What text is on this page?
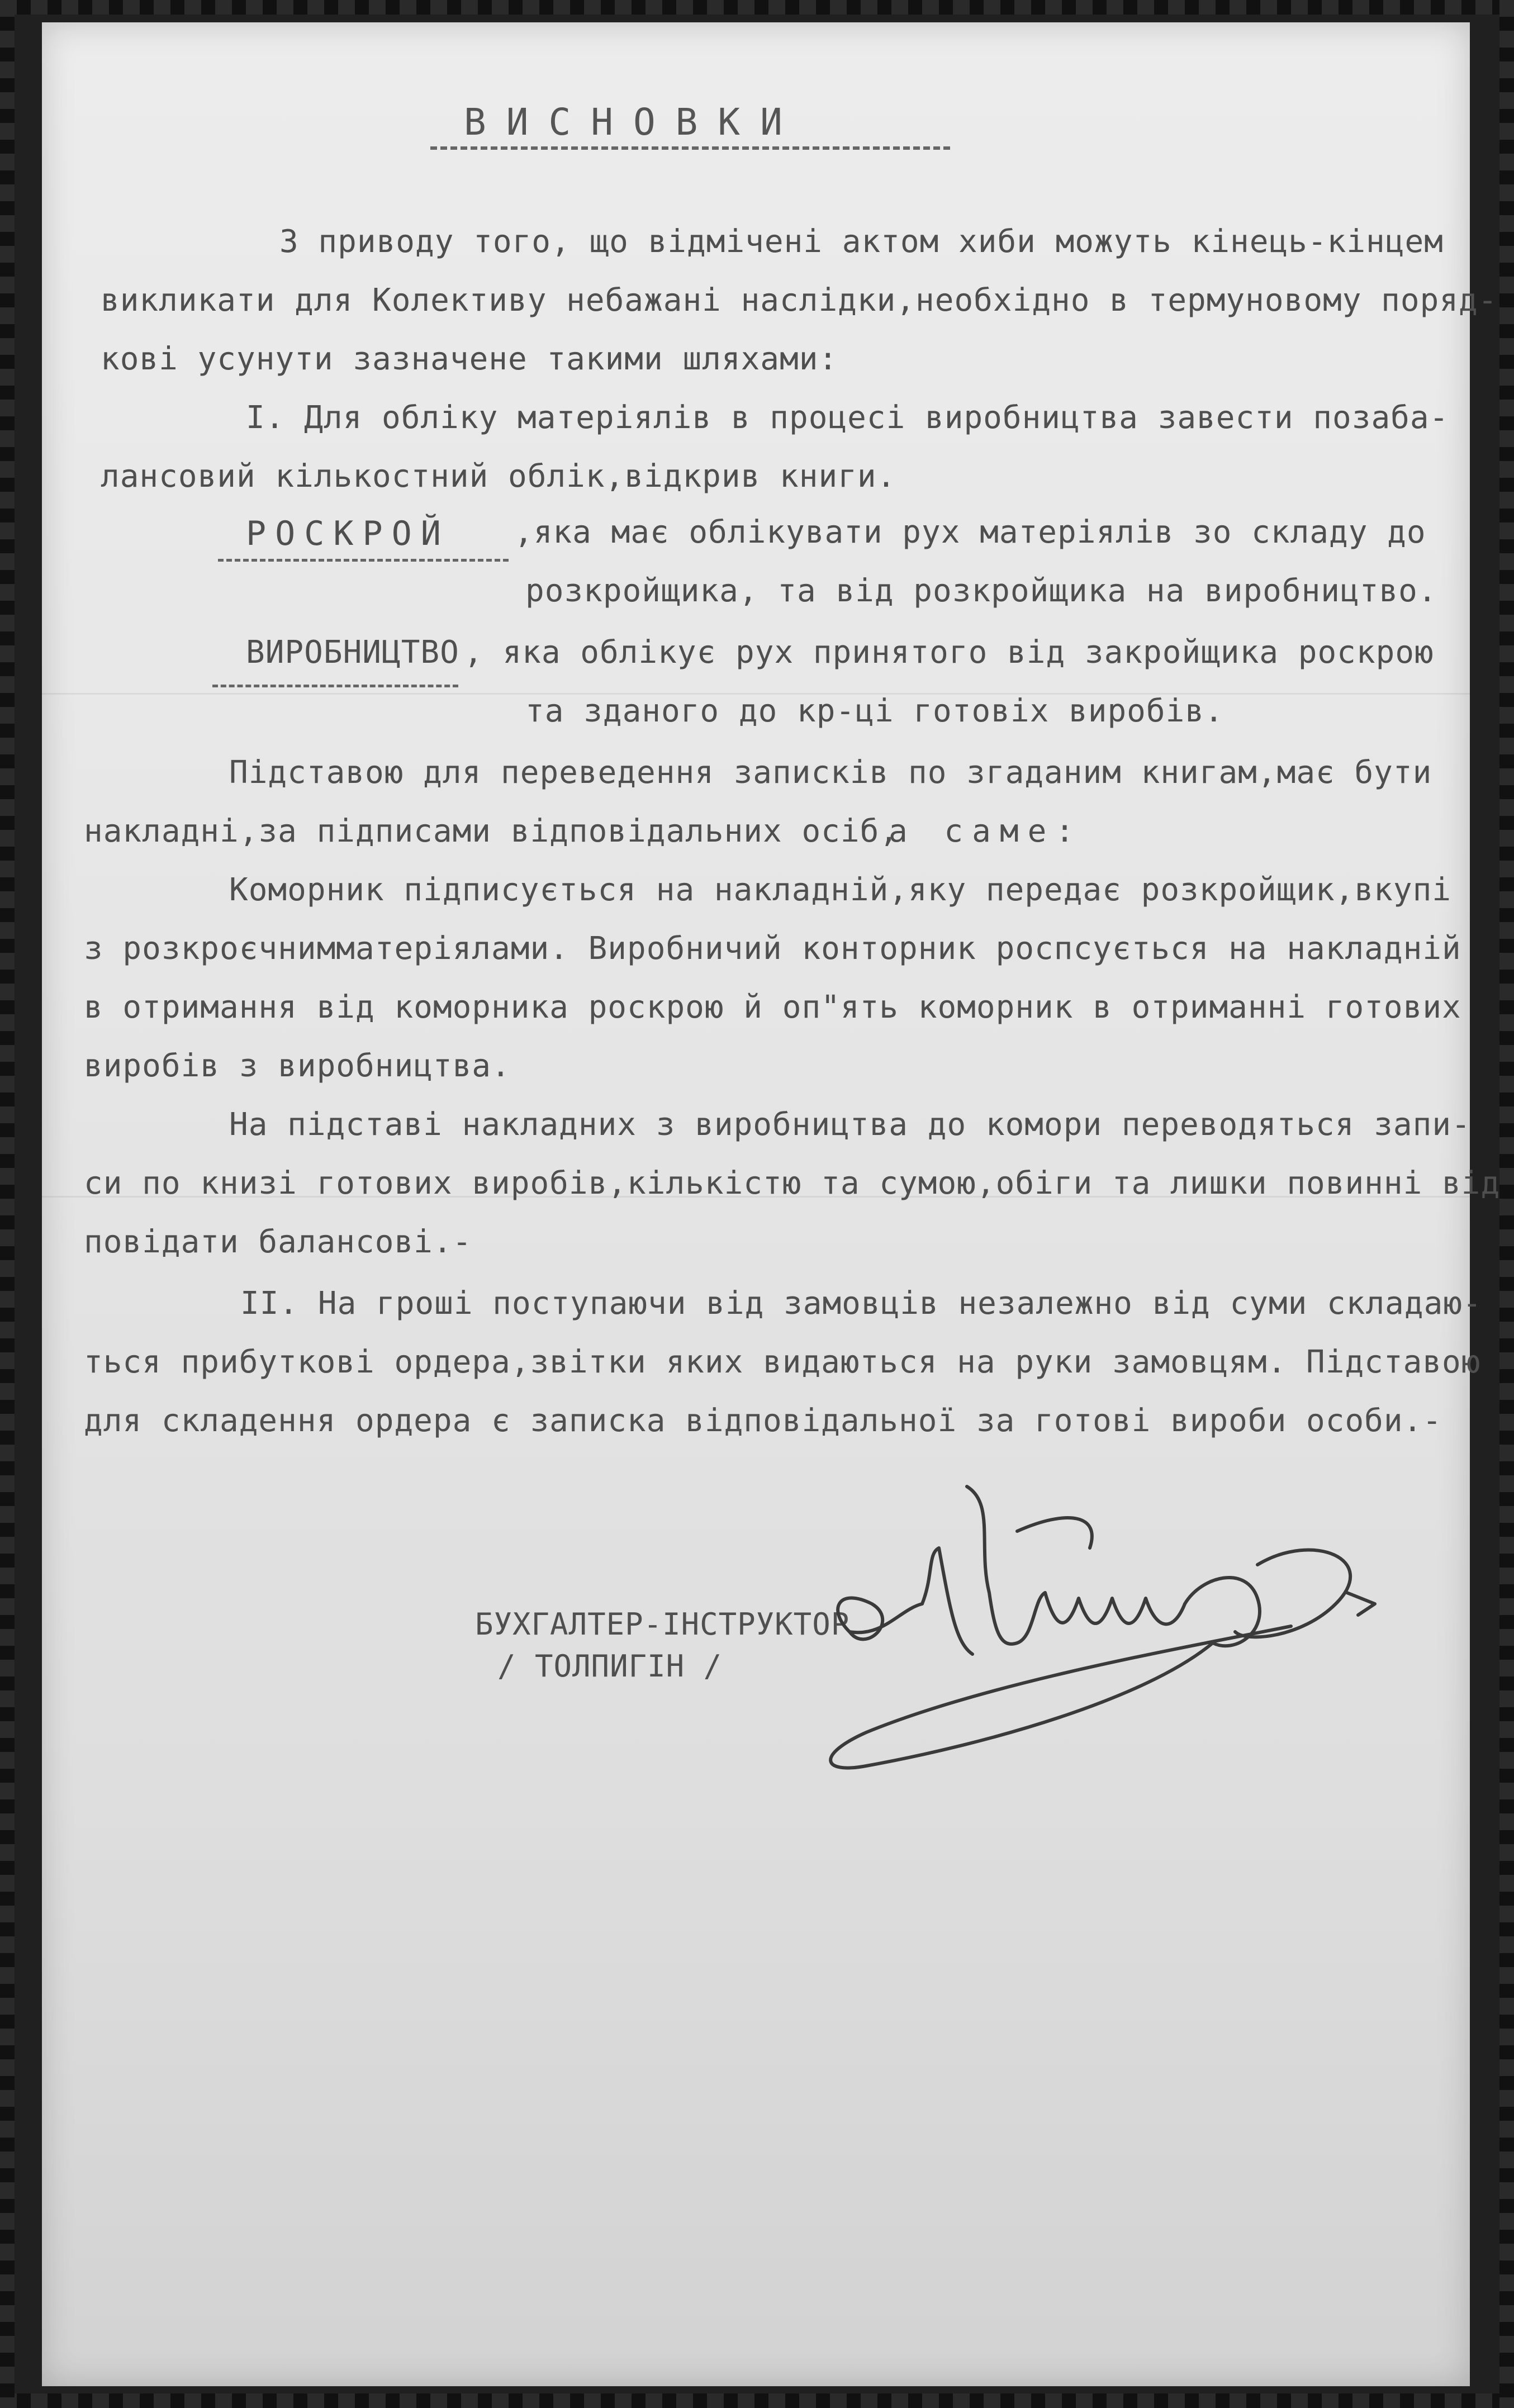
ВИСНОВКИ
З приводу того, що відмічені актом хиби можуть кінець-кінцем
викликати для Колективу небажані наслідки,необхідно в термуновому поряд-
кові усунути зазначене такими шляхами:
І. Для обліку матеріялів в процесі виробництва завести позаба-
лансовий кількостний облік,відкрив книги.
РОСКРОЙ ,яка має облікувати рух матеріялів зо складу до
розкройщика, та від розкройщика на виробництво.
ВИРОБНИЦТВО , яка облікує рух принятого від закройщика роскрою
та зданого до кр-ці готовіх виробів.
Підставою для переведення записків по згаданим книгам,має бути
накладні,за підписами відповідальних осіб,
а саме:
Коморник підписується на накладній,яку передає розкройщик,вкупі
з розкроєчнимматеріялами. Виробничий конторник роспсується на накладній
в отримання від коморника роскрою й оп"ять коморник в отриманні готових
виробів з виробництва.
На підставі накладних з виробництва до комори переводяться запи-
си по книзі готових виробів,кількістю та сумою,обіги та лишки повинні від
повідати балансові.-
ІІ. На гроші поступаючи від замовців незалежно від суми складаю-
ться прибуткові ордера,звітки яких видаються на руки замовцям. Підставою
для складення ордера є записка відповідальної за готові вироби особи.-
БУХГАЛТЕР-ІНСТРУКТОР
/ ТОЛПИГІН /
